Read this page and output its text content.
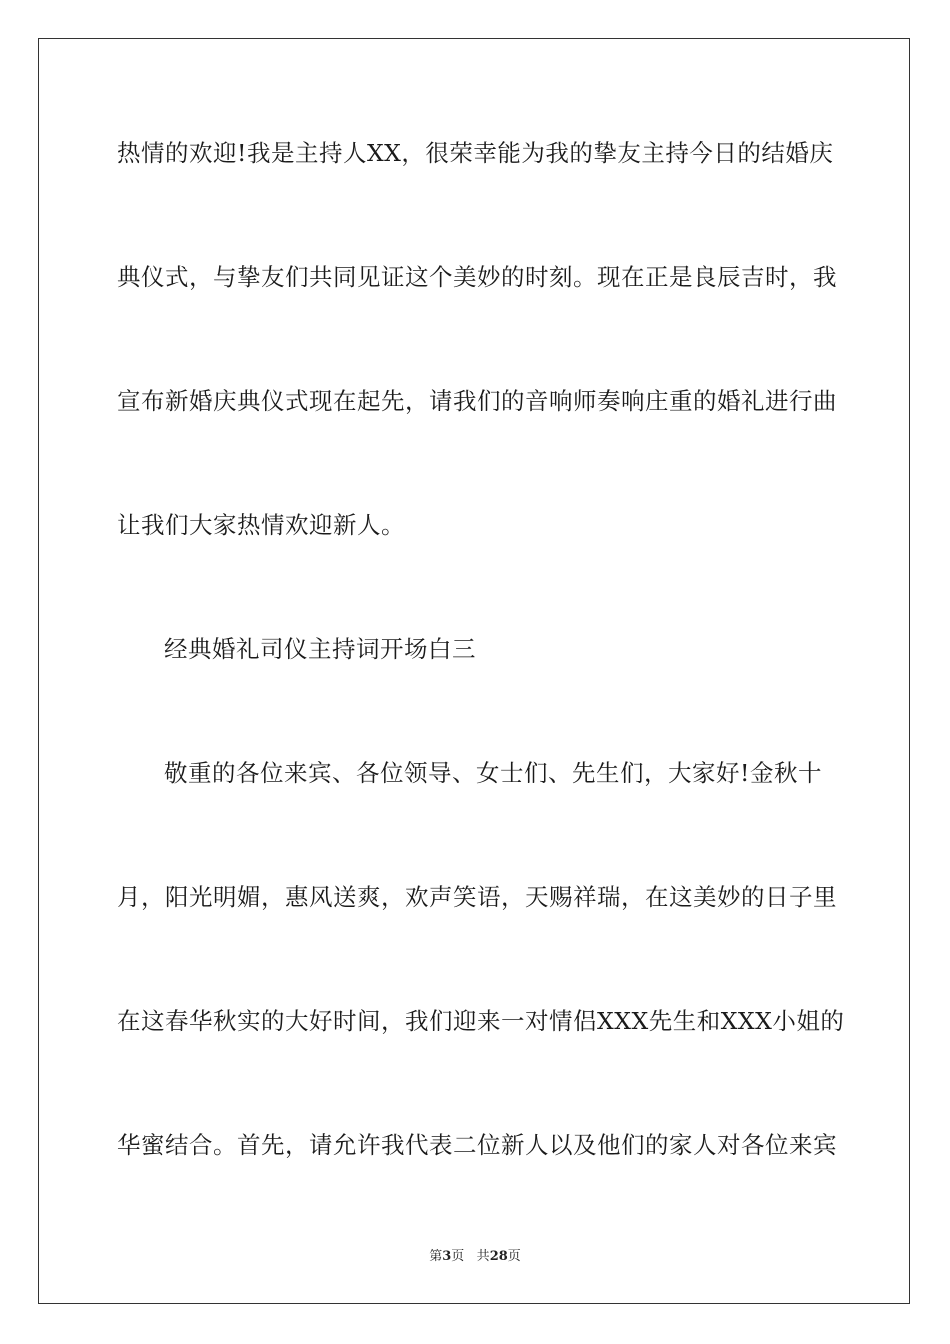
热情的欢迎!我是主持人XX，很荣幸能为我的挚友主持今日的结婚庆
典仪式，与挚友们共同见证这个美妙的时刻。现在正是良辰吉时，我
宣布新婚庆典仪式现在起先，请我们的音响师奏响庄重的婚礼进行曲
让我们大家热情欢迎新人。
经典婚礼司仪主持词开场白三
敬重的各位来宾、各位领导、女士们、先生们，大家好!金秋十
月，阳光明媚，惠风送爽，欢声笑语，天赐祥瑞，在这美妙的日子里
在这春华秋实的大好时间，我们迎来一对情侣XXX先生和XXX小姐的
华蜜结合。首先，请允许我代表二位新人以及他们的家人对各位来宾
第3页 共28页
